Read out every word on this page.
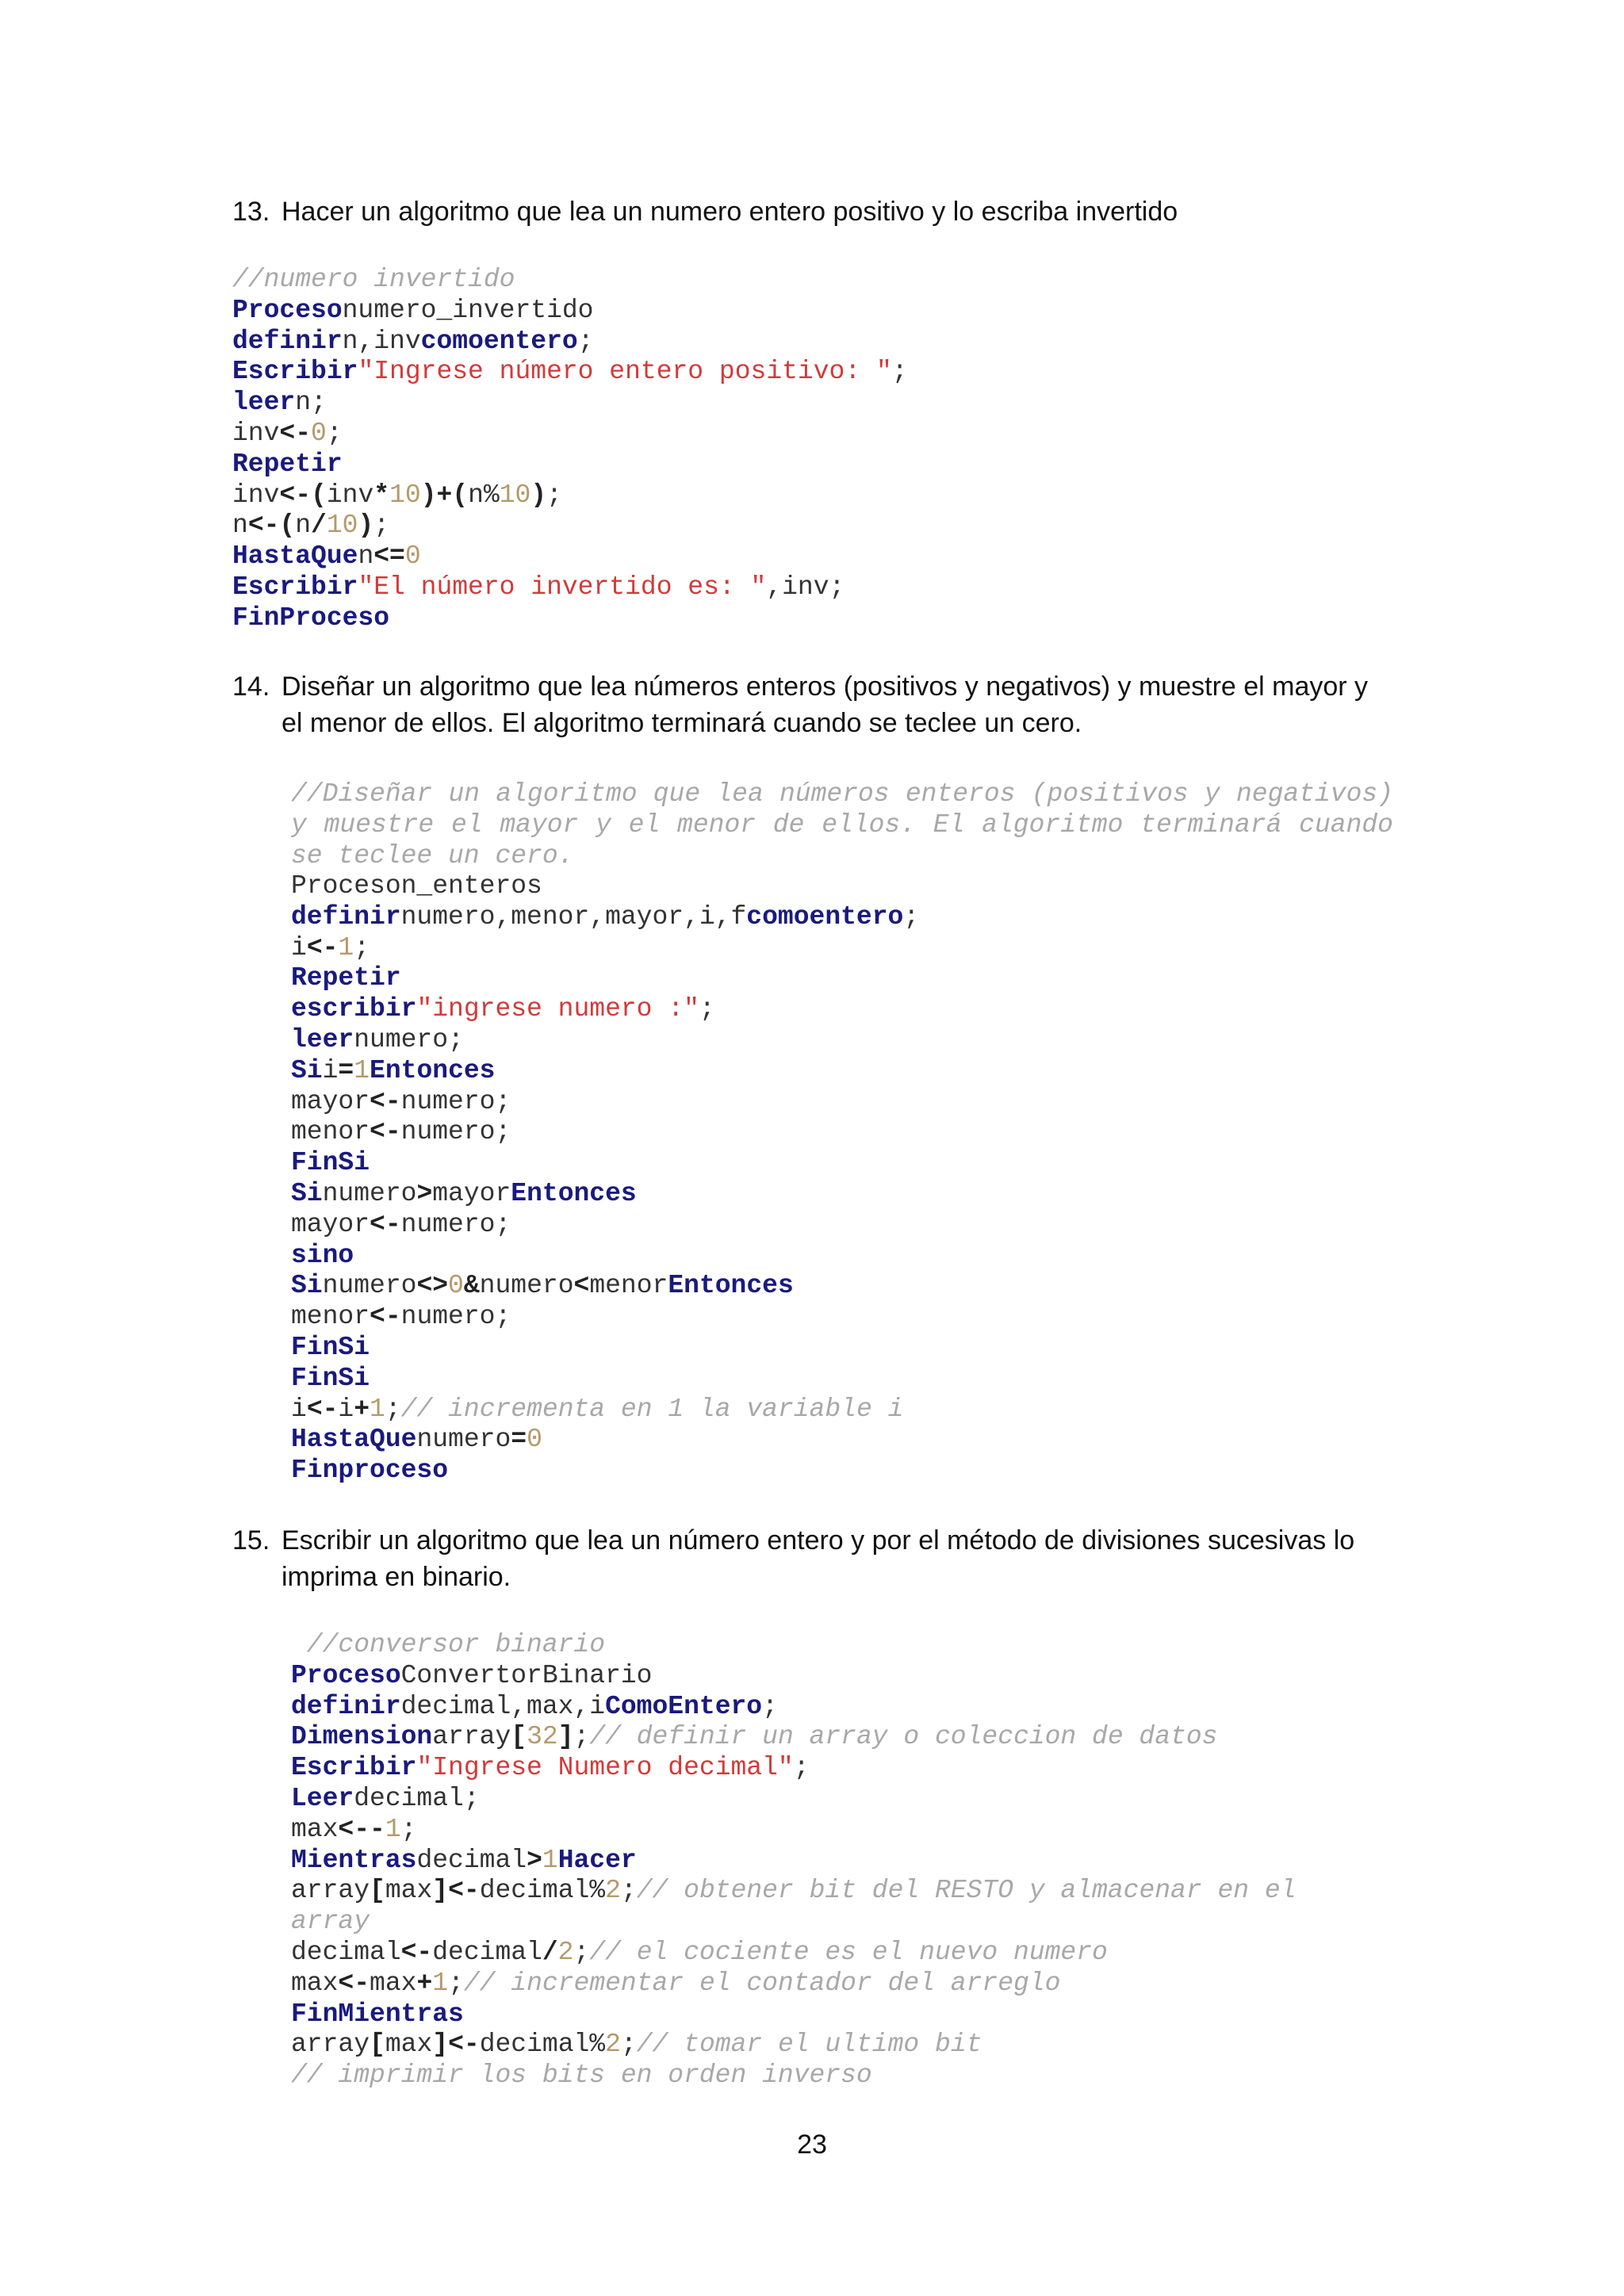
13. Hacer un algoritmo que lea un numero entero positivo y lo escriba invertido
//numero invertido
Procesonumero_invertido
definirn,invcomoentero;
Escribir"Ingrese número entero positivo: ";
leern;
inv<-0;
Repetir
inv<-(inv*10)+(n%10);
n<-(n/10);
HastaQuen<=0
Escribir"El número invertido es: ",inv;
FinProceso
14. Diseñar un algoritmo que lea números enteros (positivos y negativos) y muestre el mayor y
el menor de ellos. El algoritmo terminará cuando se teclee un cero.
//Diseñar un algoritmo que lea números enteros (positivos y negativos) y muestre el mayor y el menor de ellos. El algoritmo terminará cuando se teclee un cero.
Proceson_enteros
definirnumero,menor,mayor,i,fcomoentero;
i<-1;
Repetir
escribir"ingrese numero :";
leernumero;
Sii=1Entonces
mayor<-numero;
menor<-numero;
FinSi
Sinumero>mayorEntonces
mayor<-numero;
sino
Sinumero<>0&numero<menorEntonces
menor<-numero;
FinSi
FinSi
i<-i+1;// incrementa en 1 la variable i
HastaQuenumero=0
Finproceso
15. Escribir un algoritmo que lea un número entero y por el método de divisiones sucesivas lo
imprima en binario.
//conversor binario
ProcesoConvertorBinario
definirdecimal,max,iComoEntero;
Dimensionarray[32];// definir un array o coleccion de datos
Escribir"Ingrese Numero decimal";
Leerdecimal;
max<--1;
Mientrasdecimal>1Hacer
array[max]<-decimal%2;// obtener bit del RESTO y almacenar en el
array
decimal<-decimal/2;// el cociente es el nuevo numero
max<-max+1;// incrementar el contador del arreglo
FinMientras
array[max]<-decimal%2;// tomar el ultimo bit
// imprimir los bits en orden inverso
23
